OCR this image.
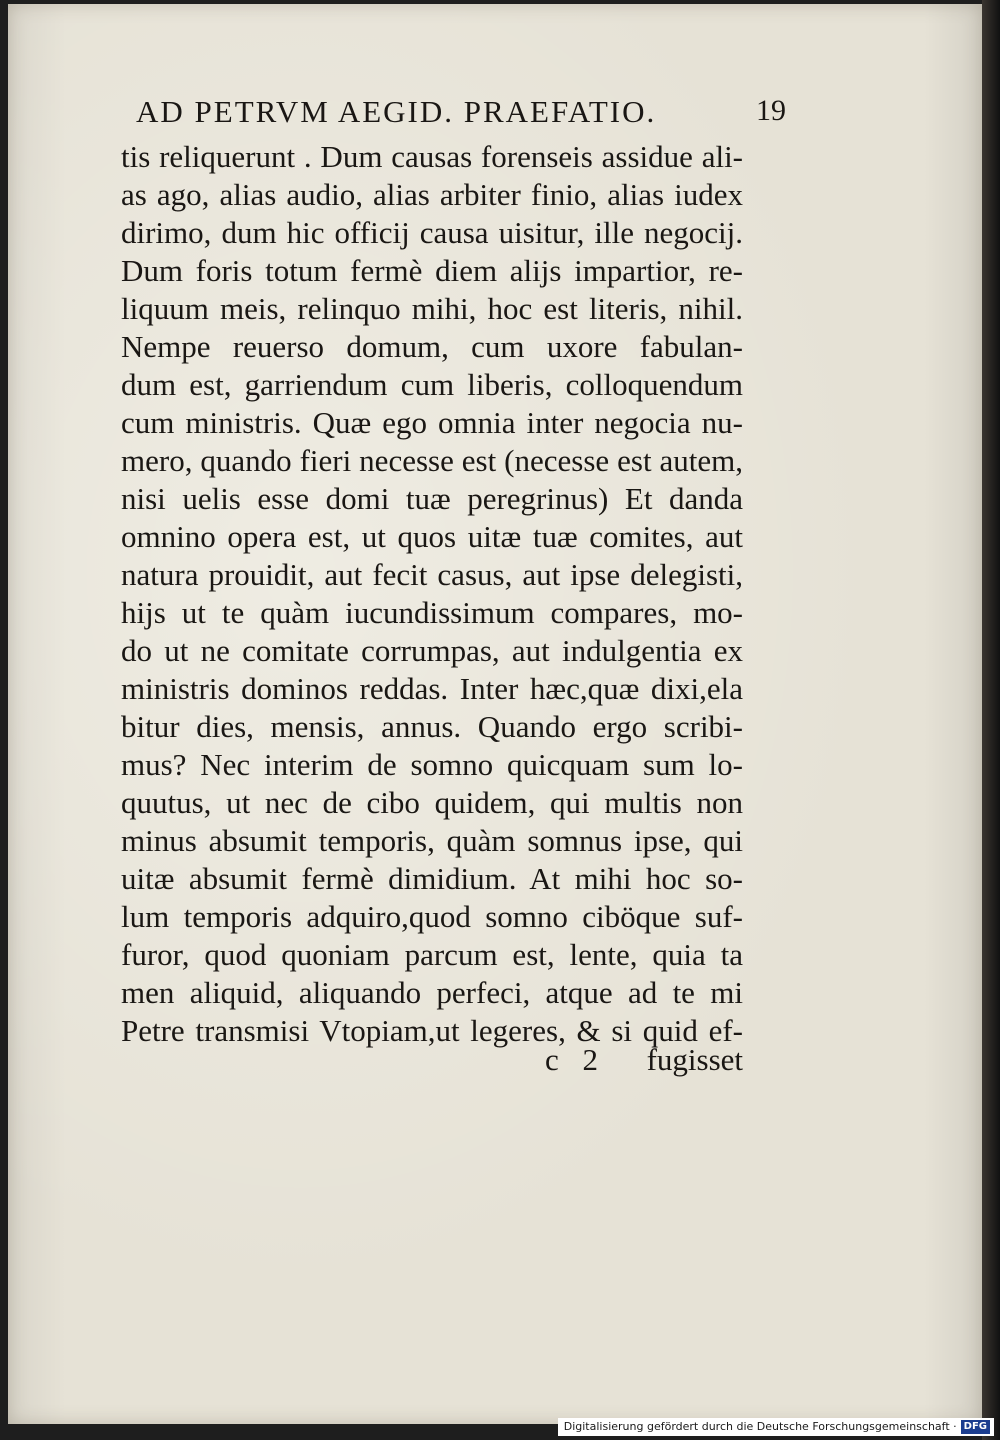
AD PETRVM AEGID. PRAEFATIO.	19
tis reliquerunt . Dum causas forenseis assidue ali-
as ago, alias audio, alias arbiter finio, alias iudex
dirimo, dum hic officij causa uisitur, ille negocij.
Dum foris totum fermè diem alijs impartior, re-
liquum meis, relinquo mihi, hoc est literis, nihil.
Nempe reuerso domum, cum uxore fabulan-
dum est, garriendum cum liberis, colloquendum
cum ministris. Quæ ego omnia inter negocia nu-
mero, quando fieri necesse est (necesse est autem,
nisi uelis esse domi tuæ peregrinus) Et danda
omnino opera est, ut quos uitæ tuæ comites, aut
natura prouidit, aut fecit casus, aut ipse delegisti,
hijs ut te quàm iucundissimum compares, mo-
do ut ne comitate corrumpas, aut indulgentia ex
ministris dominos reddas. Inter hæc,quæ dixi,ela
bitur dies, mensis, annus. Quando ergo scribi-
mus? Nec interim de somno quicquam sum lo-
quutus, ut nec de cibo quidem, qui multis non
minus absumit temporis, quàm somnus ipse, qui
uitæ absumit fermè dimidium. At mihi hoc so-
lum temporis adquiro,quod somno ciböque suf-
furor, quod quoniam parcum est, lente, quia ta
men aliquid, aliquando perfeci, atque ad te mi
Petre transmisi Vtopiam,ut legeres, & si quid ef-
c 2 fugisset
Digitalisierung gefördert durch die Deutsche Forschungsgemeinschaft · DFG
